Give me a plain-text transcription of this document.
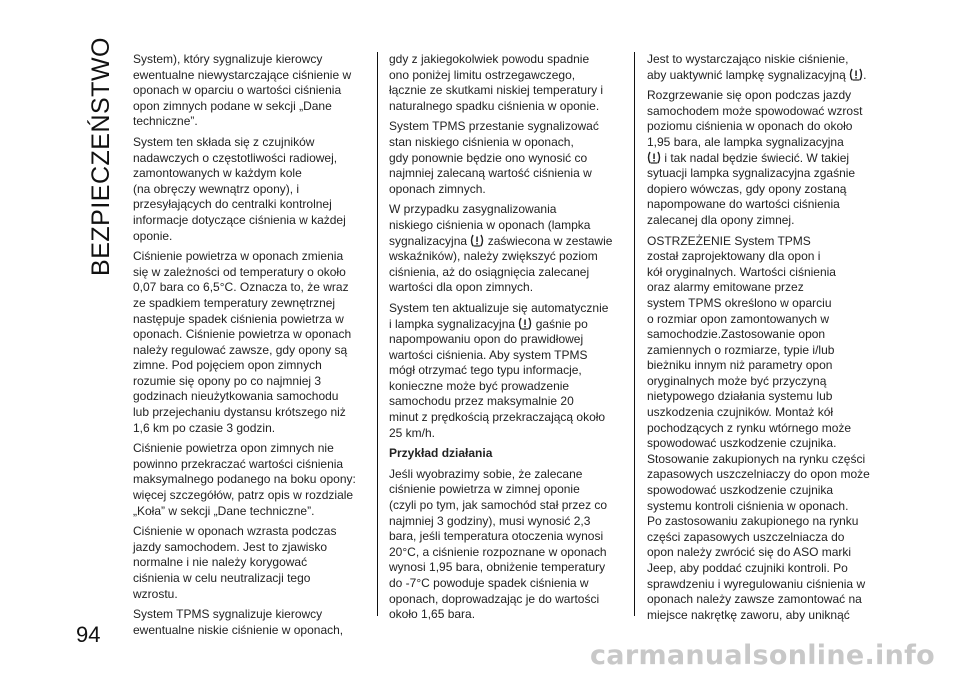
BEZPIECZEŃSTWO System), który sygnalizuje kierowcy
ewentualne niewystarczające ciśnienie w
oponach w oparciu o wartości ciśnienia
opon zimnych podane w sekcji „Dane
techniczne”.

System ten składa się z czujników
nadawczych o częstotliwości radiowej,
zamontowanych w każdym kole
(na obręczy wewnątrz opony), i
przesyłających do centralki kontrolnej
informacje dotyczące ciśnienia w każdej
oponie.

Ciśnienie powietrza w oponach zmienia
się w zależności od temperatury o około
0,07 bara co 6,5°C. Oznacza to, że wraz
ze spadkiem temperatury zewnętrznej
następuje spadek ciśnienia powietrza w
oponach. Ciśnienie powietrza w oponach
należy regulować zawsze, gdy opony są
zimne. Pod pojęciem opon zimnych
rozumie się opony po co najmniej 3
godzinach nieużytkowania samochodu
lub przejechaniu dystansu krótszego niż
1,6 km po czasie 3 godzin.

Ciśnienie powietrza opon zimnych nie
powinno przekraczać wartości ciśnienia
maksymalnego podanego na boku opony:
więcej szczegółów, patrz opis w rozdziale
„Koła” w sekcji „Dane techniczne”.

Ciśnienie w oponach wzrasta podczas
jazdy samochodem. Jest to zjawisko
normalne i nie należy korygować
ciśnienia w celu neutralizacji tego
wzrostu.

System TPMS sygnalizuje kierowcy
ewentualne niskie ciśnienie w oponach,

gdy z jakiegokolwiek powodu spadnie
ono poniżej limitu ostrzegawczego,
łącznie ze skutkami niskiej temperatury i
naturalnego spadku ciśnienia w oponie.

System TPMS przestanie sygnalizować
stan niskiego ciśnienia w oponach,
gdy ponownie będzie ono wynosić co
najmniej zalecaną wartość ciśnienia w
oponach zimnych.

W przypadku zasygnalizowania
niskiego ciśnienia w oponach (lampka
sygnalizacyjna  zaświecona w zestawie
wskaźników), należy zwiększyć poziom
ciśnienia, aż do osiągnięcia zalecanej
wartości dla opon zimnych.

System ten aktualizuje się automatycznie
i lampka sygnalizacyjna  gaśnie po
napompowaniu opon do prawidłowej
wartości ciśnienia. Aby system TPMS
mógł otrzymać tego typu informacje,
konieczne może być prowadzenie
samochodu przez maksymalnie 20
minut z prędkością przekraczającą około
25 km/h.

Przykład działania

Jeśli wyobrazimy sobie, że zalecane
ciśnienie powietrza w zimnej oponie
(czyli po tym, jak samochód stał przez co
najmniej 3 godziny), musi wynosić 2,3
bara, jeśli temperatura otoczenia wynosi
20°C, a ciśnienie rozpoznane w oponach
wynosi 1,95 bara, obniżenie temperatury
do -7°C powoduje spadek ciśnienia w
oponach, doprowadzając je do wartości
około 1,65 bara.

Jest to wystarczająco niskie ciśnienie,
aby uaktywnić lampkę sygnalizacyjną .

Rozgrzewanie się opon podczas jazdy
samochodem może spowodować wzrost
poziomu ciśnienia w oponach do około
1,95 bara, ale lampka sygnalizacyjna
i tak nadal będzie świecić. W takiej
sytuacji lampka sygnalizacyjna zgaśnie
dopiero wówczas, gdy opony zostaną
napompowane do wartości ciśnienia
zalecanej dla opony zimnej.

OSTRZEŻENIE System TPMS
został zaprojektowany dla opon i
kół oryginalnych. Wartości ciśnienia
oraz alarmy emitowane przez
system TPMS określono w oparciu
o rozmiar opon zamontowanych w
samochodzie.Zastosowanie opon
zamiennych o rozmiarze, typie i/lub
bieżniku innym niż parametry opon
oryginalnych może być przyczyną
nietypowego działania systemu lub
uszkodzenia czujników. Montaż kół
pochodzących z rynku wtórnego może
spowodować uszkodzenie czujnika.
Stosowanie zakupionych na rynku części
zapasowych uszczelniaczy do opon może
spowodować uszkodzenie czujnika
systemu kontroli ciśnienia w oponach.
Po zastosowaniu zakupionego na rynku
części zapasowych uszczelniacza do
opon należy zwrócić się do ASO marki
Jeep, aby poddać czujniki kontroli. Po
sprawdzeniu i wyregulowaniu ciśnienia w
oponach należy zawsze zamontować na
miejsce nakrętkę zaworu, aby uniknąć

94
carmanualsonline.info
